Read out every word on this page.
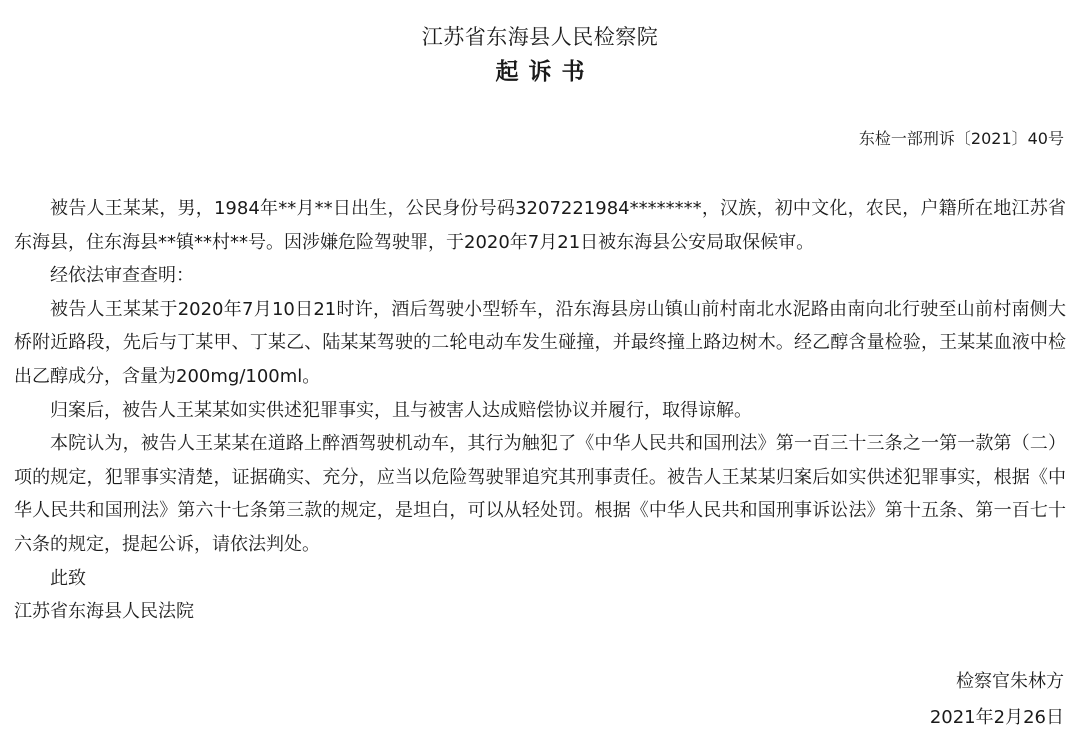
江苏省东海县人民检察院
起诉书
东检一部刑诉〔2021〕40号

被告人王某某，男，1984年**月**日出生，公民身份号码3207221984********，汉族，初中文化，农民，户籍所在地江苏省东海县，住东海县**镇**村**号。因涉嫌危险驾驶罪，于2020年7月21日被东海县公安局取保候审。

经依法审查查明：

被告人王某某于2020年7月10日21时许，酒后驾驶小型轿车，沿东海县房山镇山前村南北水泥路由南向北行驶至山前村南侧大桥附近路段，先后与丁某甲、丁某乙、陆某某驾驶的二轮电动车发生碰撞，并最终撞上路边树木。经乙醇含量检验，王某某血液中检出乙醇成分，含量为200mg/100ml。

归案后，被告人王某某如实供述犯罪事实，且与被害人达成赔偿协议并履行，取得谅解。

本院认为，被告人王某某在道路上醉酒驾驶机动车，其行为触犯了《中华人民共和国刑法》第一百三十三条之一第一款第（二）项的规定，犯罪事实清楚，证据确实、充分，应当以危险驾驶罪追究其刑事责任。被告人王某某归案后如实供述犯罪事实，根据《中华人民共和国刑法》第六十七条第三款的规定，是坦白，可以从轻处罚。根据《中华人民共和国刑事诉讼法》第十五条、第一百七十六条的规定，提起公诉，请依法判处。

此致

江苏省东海县人民法院

检察官朱林方
2021年2月26日
